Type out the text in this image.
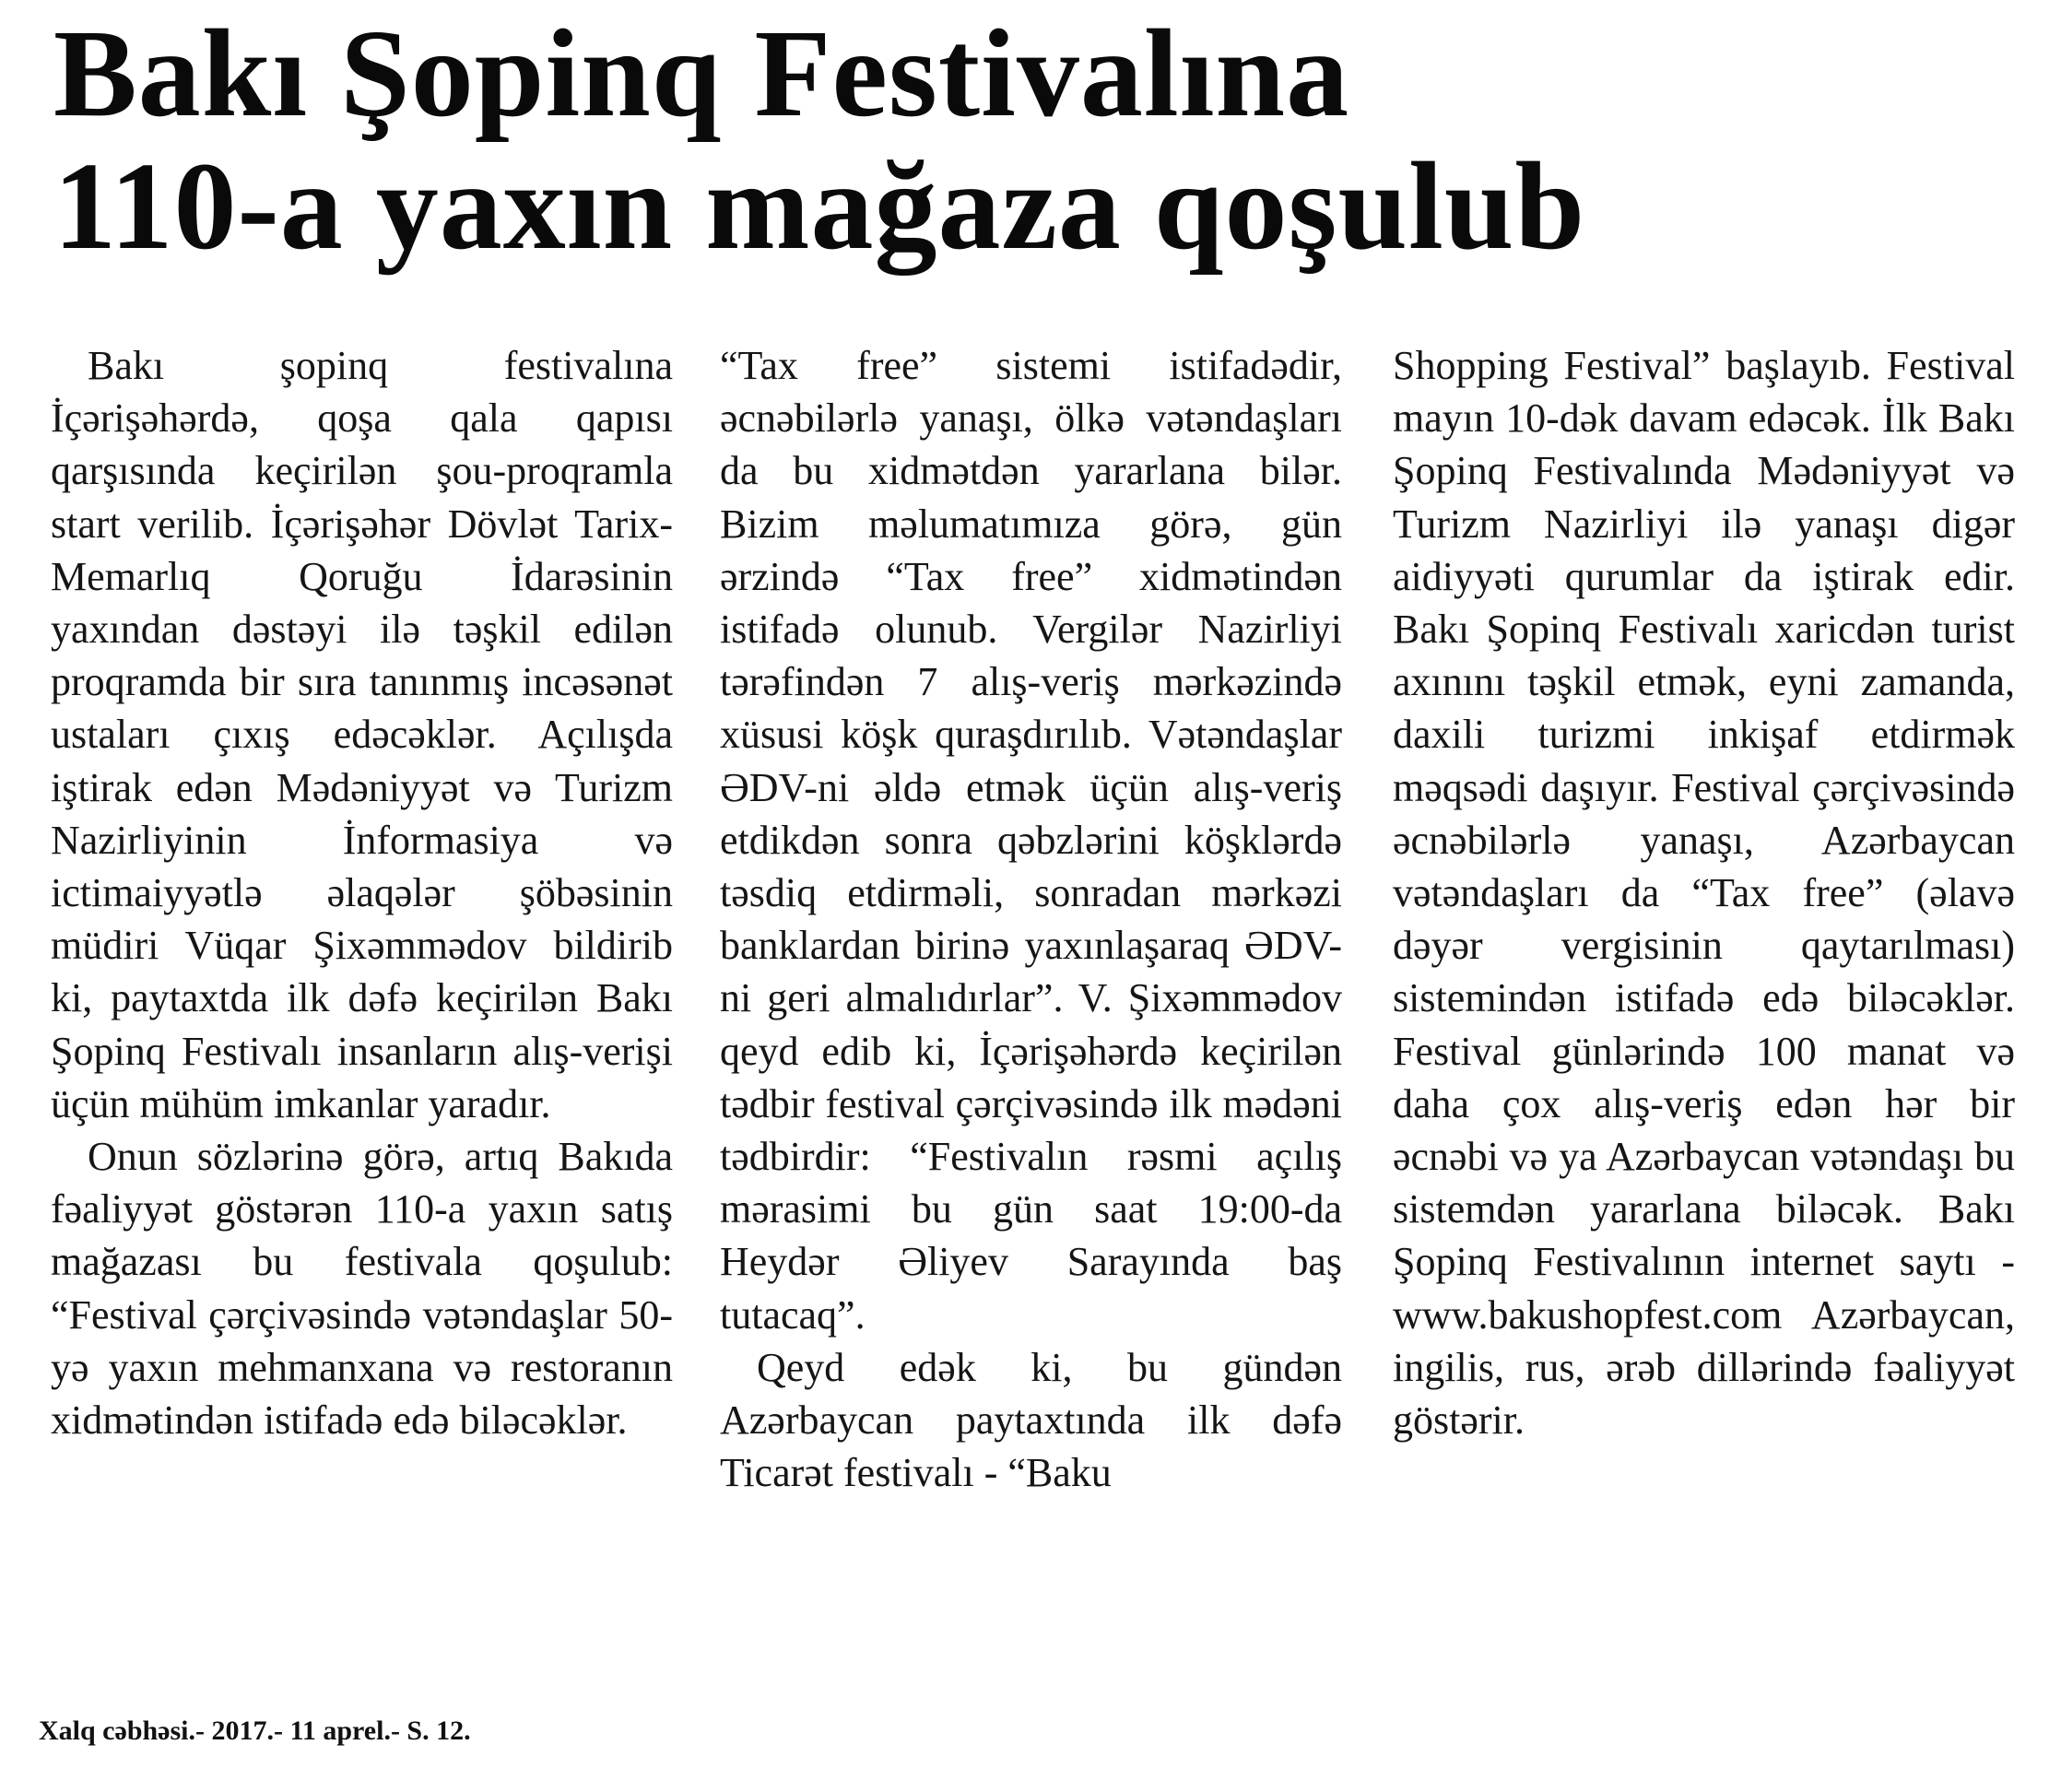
Bakı Şopinq Festivalına
110-a yaxın mağaza qoşulub

Bakı şopinq festivalına İçərişəhərdə, qoşa qala qapısı qarşısında keçirilən şou-proqramla start verilib. İçərişəhər Dövlət Tarix-Memarlıq Qoruğu İdarəsinin yaxından dəstəyi ilə təşkil edilən proqramda bir sıra tanınmış incəsənət ustaları çıxış edəcəklər. Açılışda iştirak edən Mədəniyyət və Turizm Nazirliyinin İnformasiya və ictimaiyyətlə əlaqələr şöbəsinin müdiri Vüqar Şixəmmədov bildirib ki, paytaxtda ilk dəfə keçirilən Bakı Şopinq Festivalı insanların alış-verişi üçün mühüm imkanlar yaradır.

Onun sözlərinə görə, artıq Bakıda fəaliyyət göstərən 110-a yaxın satış mağazası bu festivala qoşulub: “Festival çərçivəsində vətəndaşlar 50-yə yaxın mehmanxana və restoranın xidmətindən istifadə edə biləcəklər.

“Tax free” sistemi istifadədir, əcnəbilərlə yanaşı, ölkə vətəndaşları da bu xidmətdən yararlana bilər. Bizim məlumatımıza görə, gün ərzində “Tax free” xidmətindən istifadə olunub. Vergilər Nazirliyi tərəfindən 7 alış-veriş mərkəzində xüsusi köşk quraşdırılıb. Vətəndaşlar ƏDV-ni əldə etmək üçün alış-veriş etdikdən sonra qəbzlərini köşklərdə təsdiq etdirməli, sonradan mərkəzi banklardan birinə yaxınlaşaraq ƏDV-ni geri almalıdırlar”. V. Şixəmmədov qeyd edib ki, İçərişəhərdə keçirilən tədbir festival çərçivəsində ilk mədəni tədbirdir: “Festivalın rəsmi açılış mərasimi bu gün saat 19:00-da Heydər Əliyev Sarayında baş tutacaq”.

Qeyd edək ki, bu gündən Azərbaycan paytaxtında ilk dəfə Ticarət festivalı - “Baku

Shopping Festival” başlayıb. Festival mayın 10-dək davam edəcək. İlk Bakı Şopinq Festivalında Mədəniyyət və Turizm Nazirliyi ilə yanaşı digər aidiyyəti qurumlar da iştirak edir. Bakı Şopinq Festivalı xaricdən turist axınını təşkil etmək, eyni zamanda, daxili turizmi inkişaf etdirmək məqsədi daşıyır. Festival çərçivəsində əcnəbilərlə yanaşı, Azərbaycan vətəndaşları da “Tax free” (əlavə dəyər vergisinin qaytarılması) sistemindən istifadə edə biləcəklər. Festival günlərində 100 manat və daha çox alış-veriş edən hər bir əcnəbi və ya Azərbaycan vətəndaşı bu sistemdən yararlana biləcək. Bakı Şopinq Festivalının internet saytı - www.bakushopfest.com Azərbaycan, ingilis, rus, ərəb dillərində fəaliyyət göstərir.

Xalq cəbhəsi.- 2017.- 11 aprel.- S. 12.
